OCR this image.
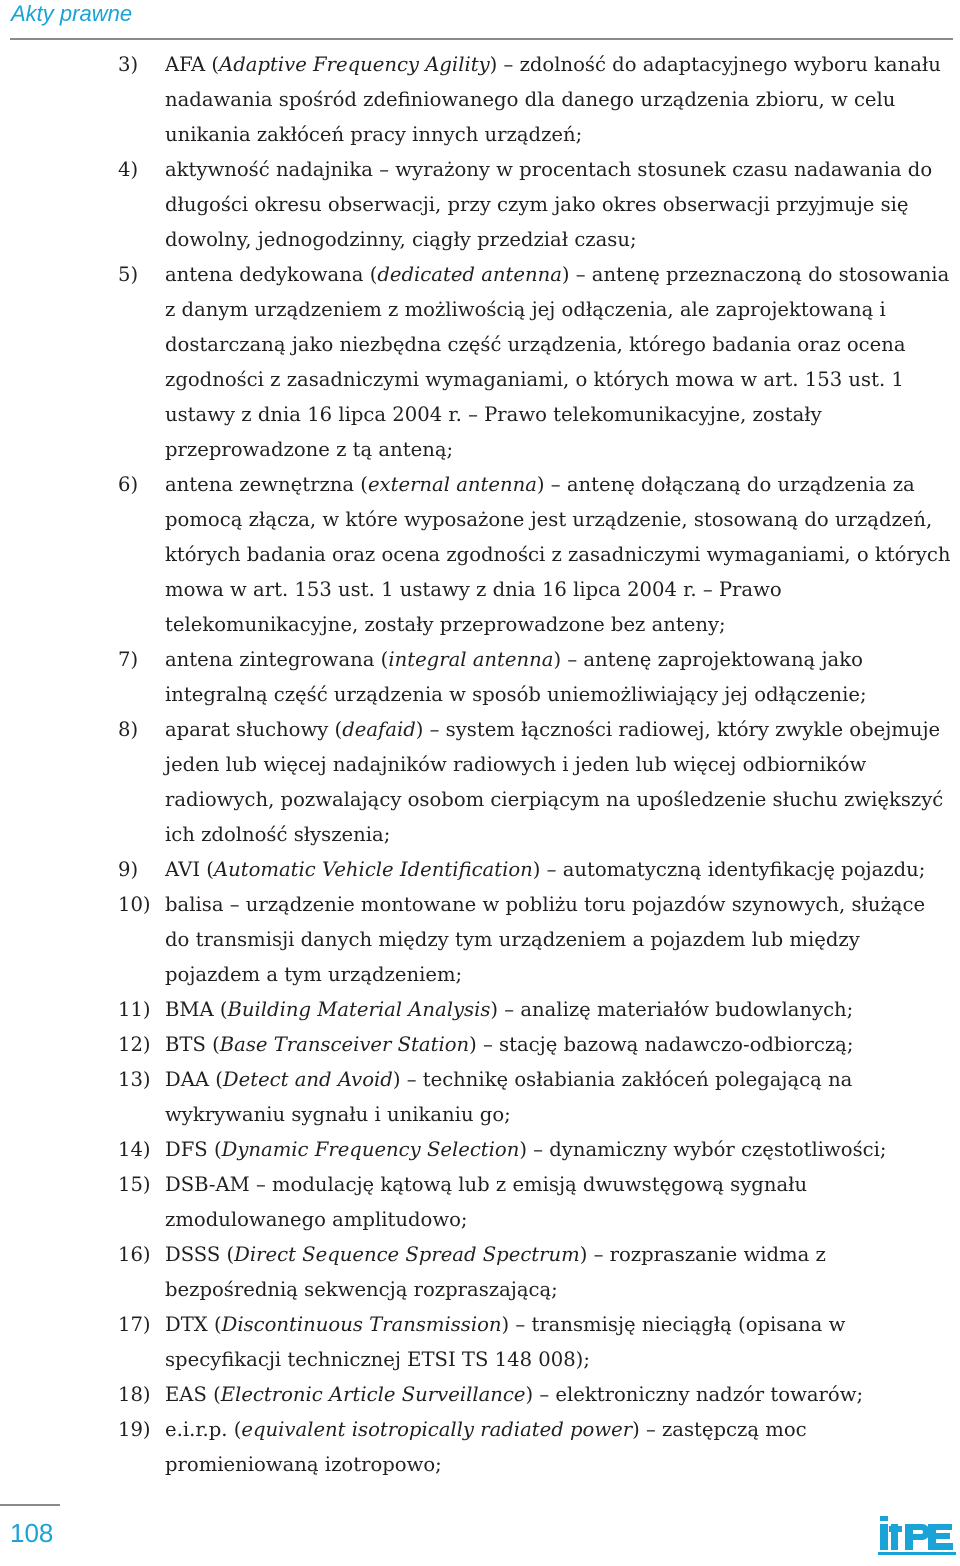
Akty prawne
3) AFA (Adaptive Frequency Agility) – zdolność do adaptacyjnego wyboru kanału nadawania spośród zdefiniowanego dla danego urządzenia zbioru, w celu unikania zakłóceń pracy innych urządzeń;
4) aktywność nadajnika – wyrażony w procentach stosunek czasu nadawania do długości okresu obserwacji, przy czym jako okres obserwacji przyjmuje się dowolny, jednogodzinny, ciągły przedział czasu;
5) antena dedykowana (dedicated antenna) – antenę przeznaczoną do stosowania z danym urządzeniem z możliwością jej odłączenia, ale zaprojektowaną i dostarczaną jako niezbędna część urządzenia, którego badania oraz ocena zgodności z zasadniczymi wymaganiami, o których mowa w art. 153 ust. 1 ustawy z dnia 16 lipca 2004 r. – Prawo telekomunikacyjne, zostały przeprowadzone z tą anteną;
6) antena zewnętrzna (external antenna) – antenę dołączaną do urządzenia za pomocą złącza, w które wyposażone jest urządzenie, stosowaną do urządzeń, których badania oraz ocena zgodności z zasadniczymi wymaganiami, o których mowa w art. 153 ust. 1 ustawy z dnia 16 lipca 2004 r. – Prawo telekomunikacyjne, zostały przeprowadzone bez anteny;
7) antena zintegrowana (integral antenna) – antenę zaprojektowaną jako integralną część urządzenia w sposób uniemożliwiający jej odłączenie;
8) aparat słuchowy (deafaid) – system łączności radiowej, który zwykle obejmuje jeden lub więcej nadajników radiowych i jeden lub więcej odbiorników radiowych, pozwalający osobom cierpiącym na upośledzenie słuchu zwiększyć ich zdolność słyszenia;
9) AVI (Automatic Vehicle Identification) – automatyczną identyfikację pojazdu;
10) balisa – urządzenie montowane w pobliżu toru pojazdów szynowych, służące do transmisji danych między tym urządzeniem a pojazdem lub między pojazdem a tym urządzeniem;
11) BMA (Building Material Analysis) – analizę materiałów budowlanych;
12) BTS (Base Transceiver Station) – stację bazową nadawczo-odbiorczą;
13) DAA (Detect and Avoid) – technikę osłabiania zakłóceń polegającą na wykrywaniu sygnału i unikaniu go;
14) DFS (Dynamic Frequency Selection) – dynamiczny wybór częstotliwości;
15) DSB-AM – modulację kątową lub z emisją dwuwstęgową sygnału zmodulowanego amplitudowo;
16) DSSS (Direct Sequence Spread Spectrum) – rozpraszanie widma z bezpośrednią sekwencją rozpraszającą;
17) DTX (Discontinuous Transmission) – transmisję nieciągłą (opisana w specyfikacji technicznej ETSI TS 148 008);
18) EAS (Electronic Article Surveillance) – elektroniczny nadzór towarów;
19) e.i.r.p. (equivalent isotropically radiated power) – zastępczą moc promieniowaną izotropowo;
108
